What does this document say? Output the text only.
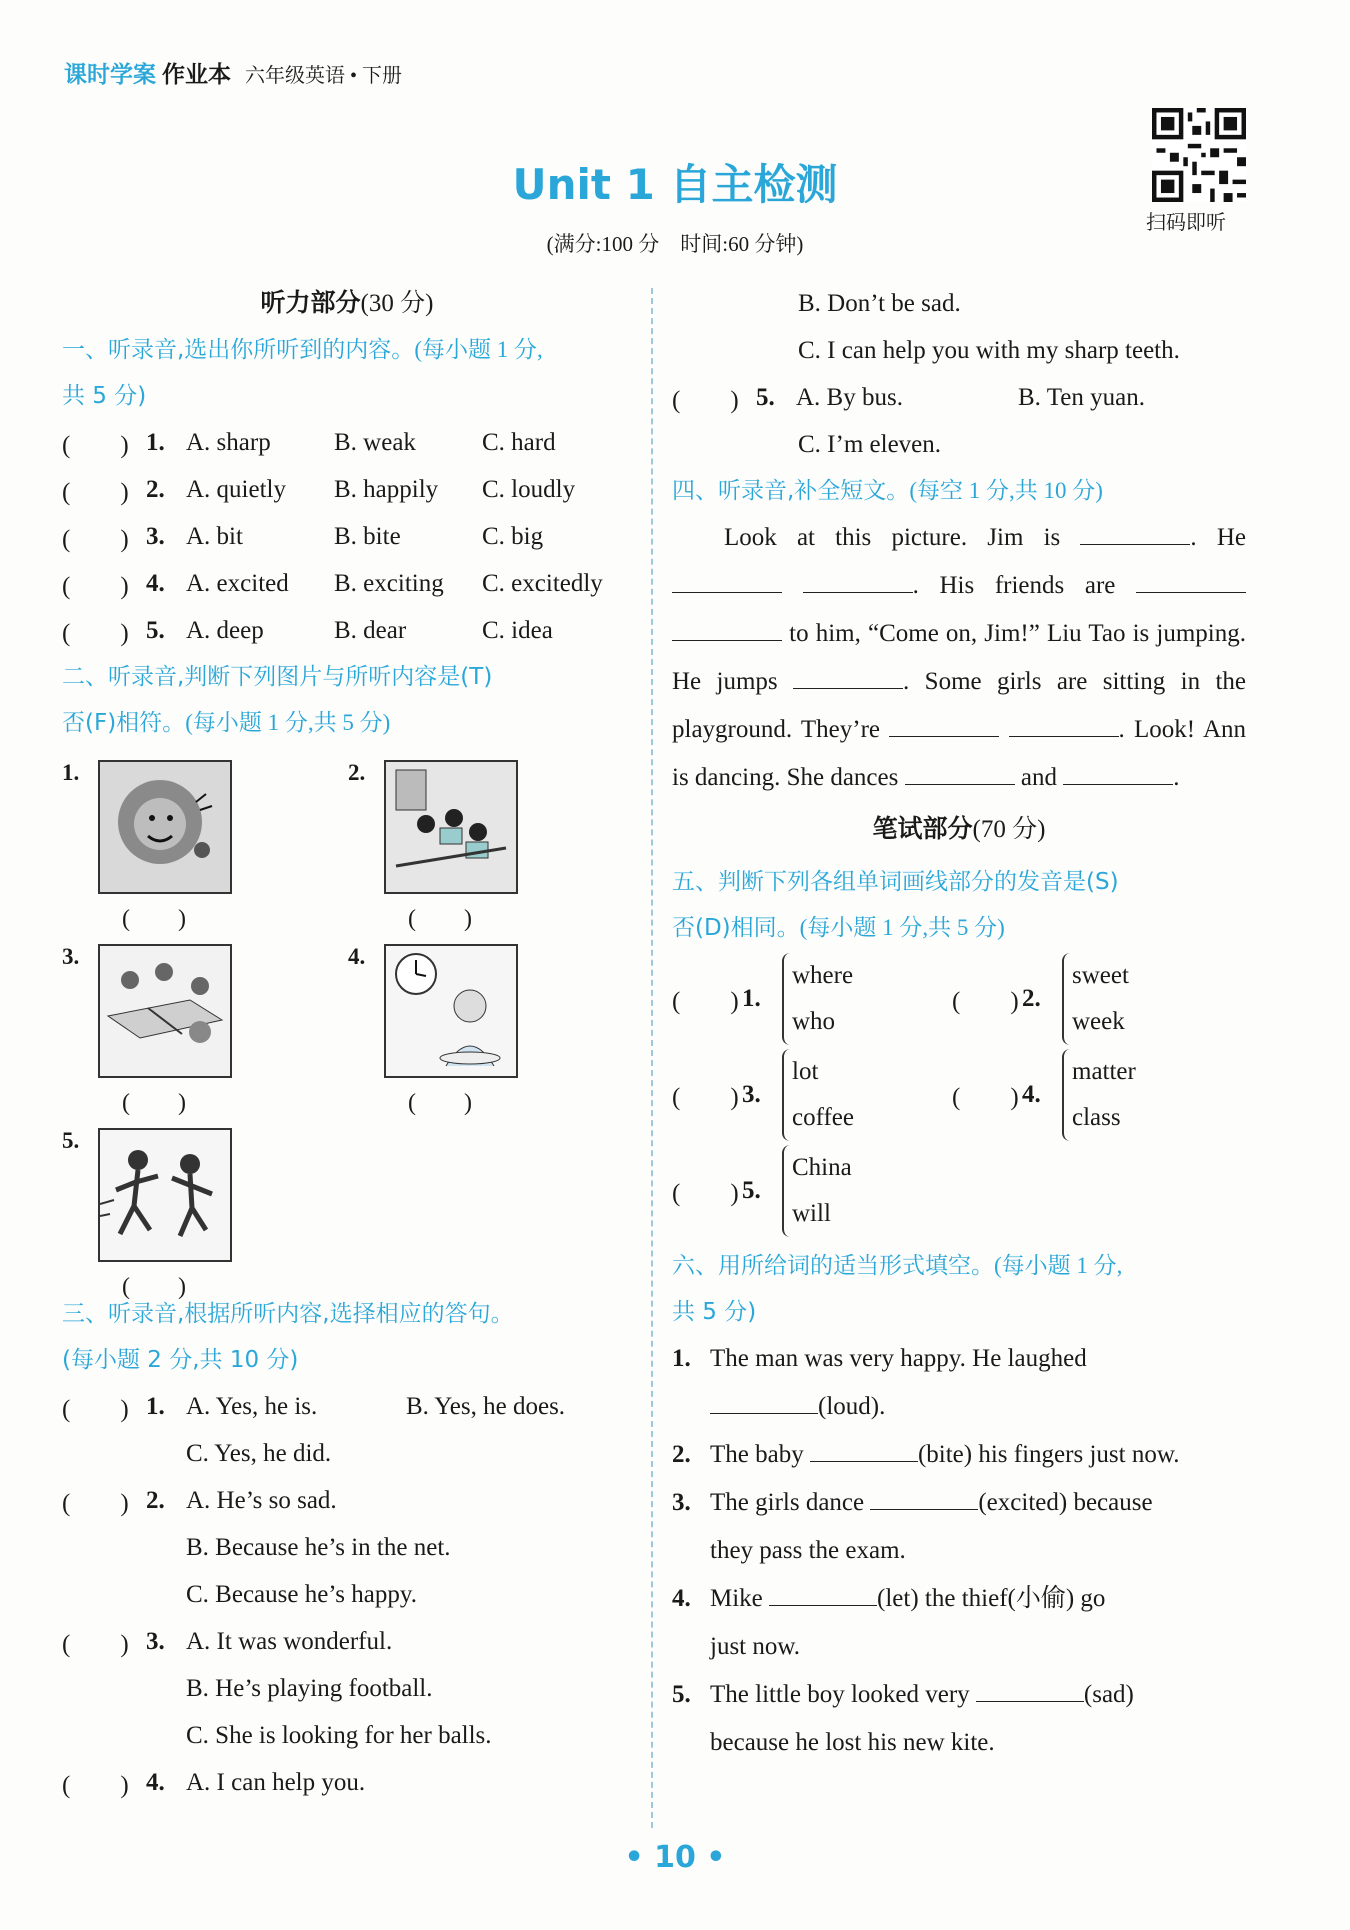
课时学案 作业本 六年级英语 • 下册
Unit 1 自主检测
(满分:100 分　时间:60 分钟)
扫码即听
听力部分(30 分)
一、听录音,选出你所听到的内容。(每小题 1 分,
共 5 分)
(　　) 1. A. sharp	B. weak	C. hard
(　　) 2. A. quietly	B. happily	C. loudly
(　　) 3. A. bit	B. bite	C. big
(　　) 4. A. excited	B. exciting	C. excitedly
(　　) 5. A. deep	B. dear	C. idea
二、听录音,判断下列图片与所听内容是(T)
否(F)相符。(每小题 1 分,共 5 分)
1.
(　　)
2.
(　　)
3.
(　　)
4.
(　　)
5.
(　　)
三、听录音,根据所听内容,选择相应的答句。
(每小题 2 分,共 10 分)
(　　) 1. A. Yes, he is.	B. Yes, he does.
C. Yes, he did.
(　　) 2. A. He’s so sad.
B. Because he’s in the net.
C. Because he’s happy.
(　　) 3. A. It was wonderful.
B. He’s playing football.
C. She is looking for her balls.
(　　) 4. A. I can help you.
B. Don’t be sad.
C. I can help you with my sharp teeth.
(　　) 5. A. By bus.	B. Ten yuan.
C. I’m eleven.
四、听录音,补全短文。(每空 1 分,共 10 分)
Look at this picture. Jim is	. He  . His friends are   to him, “Come on, Jim!” Liu Tao is jumping. He jumps	. Some girls are sitting in the playground. They’re	. Look! Ann is dancing. She dances	and	.
笔试部分(70 分)
五、判断下列各组单词画线部分的发音是(S)
否(D)相同。(每小题 1 分,共 5 分)
(　　) 1.
where
who
(　　) 2.
sweet
week
(　　) 3.
lot
coffee
(　　) 4.
matter
class
(　　) 5.
China
will
六、用所给词的适当形式填空。(每小题 1 分,
共 5 分)
1. The man was very happy. He laughed
(loud).
2. The baby	(bite) his fingers just now.
3. The girls dance	(excited) because
they pass the exam.
4. Mike	(let) the thief(小偷) go
just now.
5. The little boy looked very	(sad)
because he lost his new kite.
• 10 •
